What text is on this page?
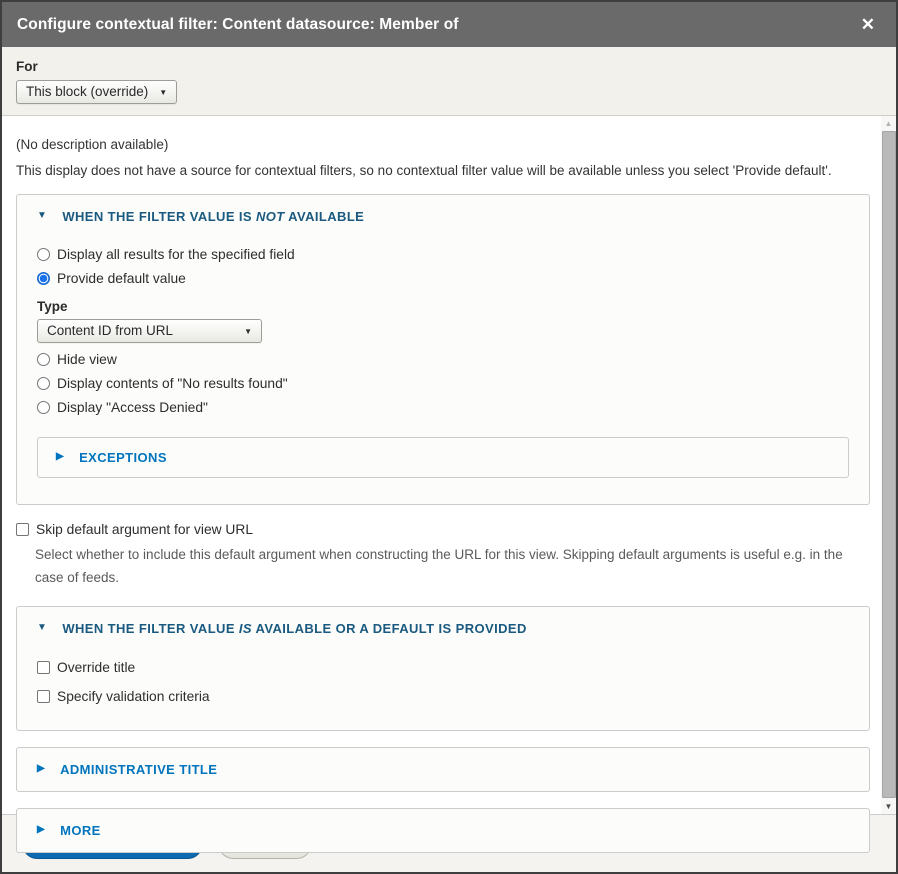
Configure contextual filter: Content datasource: Member of	✕
For
This block (override) ▼

(No description available)

This display does not have a source for contextual filters, so no contextual filter value will be available unless you select 'Provide default'.

▼ WHEN THE FILTER VALUE IS NOT AVAILABLE
Display all results for the specified field
Provide default value
Type
Content ID from URL	▼
Hide view
Display contents of "No results found"
Display "Access Denied"
▶ EXCEPTIONS
Skip default argument for view URL
Select whether to include this default argument when constructing the URL for this view. Skipping default arguments is useful e.g. in the case of feeds.
▼ WHEN THE FILTER VALUE IS AVAILABLE OR A DEFAULT IS PROVIDED
Override title
Specify validation criteria
▶ ADMINISTRATIVE TITLE
▶ MORE
▲
▼
